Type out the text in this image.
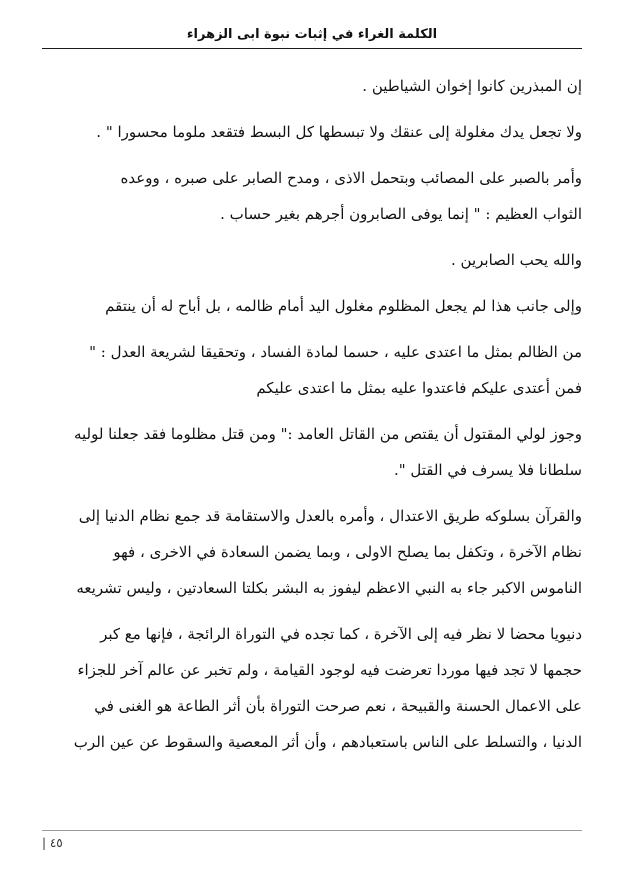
الكلمة الغراء في إثبات نبوة ابى الزهراء
إن المبذرين كانوا إخوان الشياطين .
ولا تجعل يدك مغلولة إلى عنقك ولا تبسطها كل البسط فتقعد ملوما محسورا " .
وأمر بالصبر على المصائب وبتحمل الاذى ، ومدح الصابر على صبره ، ووعده
الثواب العظيم : " إنما يوفى الصابرون أجرهم بغير حساب .
والله يحب الصابرين .
وإلى جانب هذا لم يجعل المظلوم مغلول اليد أمام ظالمه ، بل أباح له أن ينتقم
من الظالم بمثل ما اعتدى عليه ، حسما لمادة الفساد ، وتحقيقا لشريعة العدل : "
فمن أعتدى عليكم فاعتدوا عليه بمثل ما اعتدى عليكم
وجوز لولي المقتول أن يقتص من القاتل العامد :" ومن قتل مظلوما فقد جعلنا لوليه
سلطانا فلا يسرف في القتل ".
والقرآن بسلوكه طريق الاعتدال ، وأمره بالعدل والاستقامة قد جمع نظام الدنيا إلى
نظام الآخرة ، وتكفل بما يصلح الاولى ، وبما يضمن السعادة في الاخرى ، فهو
الناموس الاكبر جاء به النبي الاعظم ليفوز به البشر بكلتا السعادتين ، وليس تشريعه
دنيويا محضا لا نظر فيه إلى الآخرة ، كما تجده في التوراة الرائجة ، فإنها مع كبر
حجمها لا تجد فيها موردا تعرضت فيه لوجود القيامة ، ولم تخبر عن عالم آخر للجزاء
على الاعمال الحسنة والقبيحة ، نعم صرحت التوراة بأن أثر الطاعة هو الغنى في
الدنيا ، والتسلط على الناس باستعبادهم ، وأن أثر المعصية والسقوط عن عين الرب
| ٤٥
